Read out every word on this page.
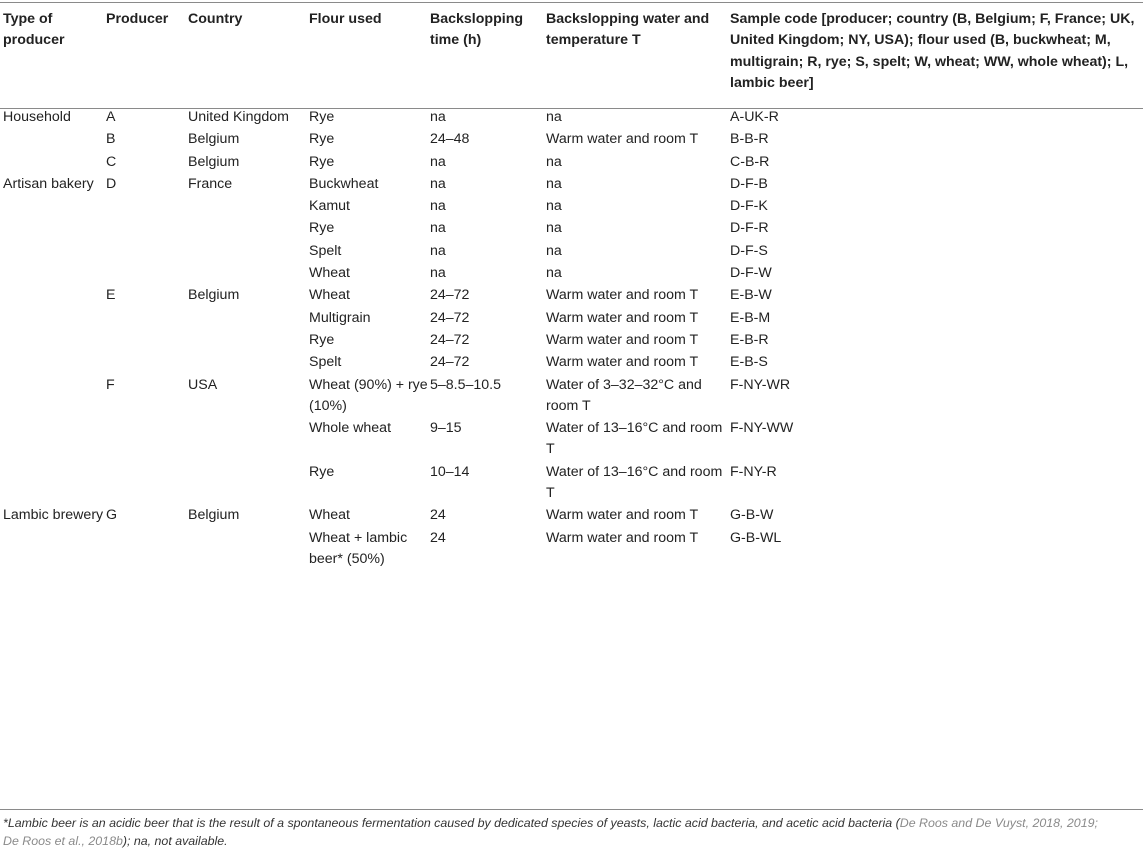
Type of producer	Producer	Country	Flour used	Backslopping time (h)	Backslopping water and temperature T	Sample code [producer; country (B, Belgium; F, France; UK, United Kingdom; NY, USA); flour used (B, buckwheat; M, multigrain; R, rye; S, spelt; W, wheat; WW, whole wheat); L, lambic beer]
Household	A	United Kingdom	Rye	na	na	A-UK-R
	B	Belgium	Rye	24–48	Warm water and room T	B-B-R
	C	Belgium	Rye	na	na	C-B-R
Artisan bakery	D	France	Buckwheat	na	na	D-F-B
			Kamut	na	na	D-F-K
			Rye	na	na	D-F-R
			Spelt	na	na	D-F-S
			Wheat	na	na	D-F-W
	E	Belgium	Wheat	24–72	Warm water and room T	E-B-W
			Multigrain	24–72	Warm water and room T	E-B-M
			Rye	24–72	Warm water and room T	E-B-R
			Spelt	24–72	Warm water and room T	E-B-S
	F	USA	Wheat (90%) + rye (10%)	5–8.5–10.5	Water of 3–32–32°C and room T	F-NY-WR
			Whole wheat	9–15	Water of 13–16°C and room T	F-NY-WW
			Rye	10–14	Water of 13–16°C and room T	F-NY-R
Lambic brewery	G	Belgium	Wheat	24	Warm water and room T	G-B-W
			Wheat + lambic beer* (50%)	24	Warm water and room T	G-B-WL
*Lambic beer is an acidic beer that is the result of a spontaneous fermentation caused by dedicated species of yeasts, lactic acid bacteria, and acetic acid bacteria (De Roos and De Vuyst, 2018, 2019; De Roos et al., 2018b); na, not available.
